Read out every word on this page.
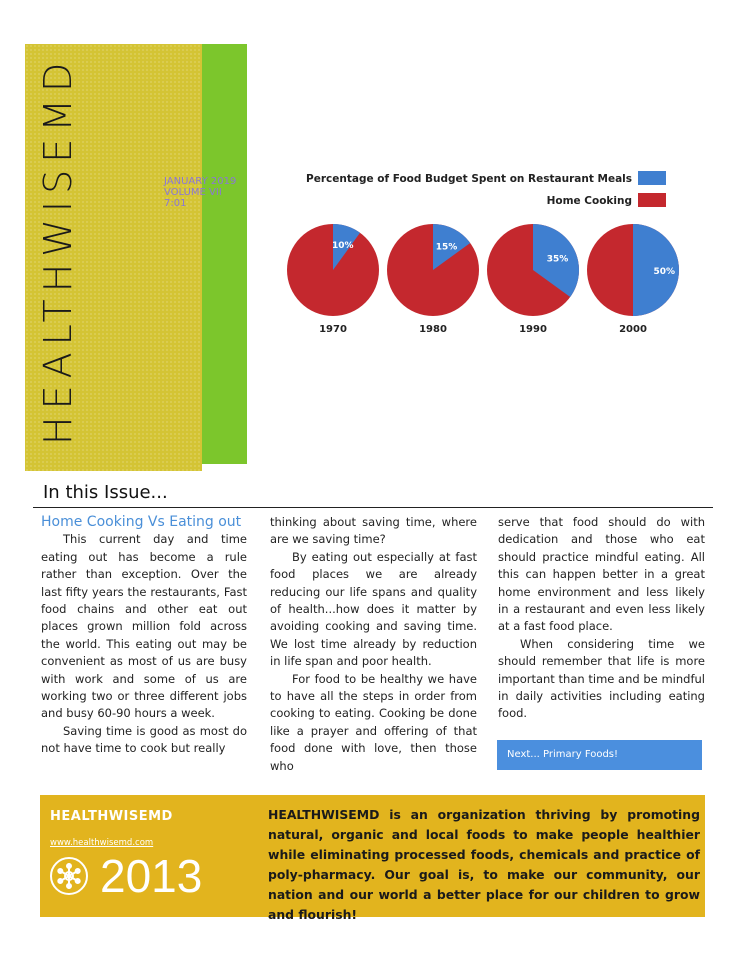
HEALTHWISEMD	JANUARY 2019
VOLUME VII
7:01
Percentage of Food Budget Spent on Restaurant Meals
Home Cooking
10%
1970
15%
1980
35%
1990
50%
2000
In this Issue...

Home Cooking Vs Eating out

This current day and time eating out has become a rule rather than exception. Over the last fifty years the restaurants, Fast food chains and other eat out places grown million fold across the world. This eating out may be convenient as most of us are busy with work and some of us are working two or three different jobs and busy 60-90 hours a week.

Saving time is good as most do not have time to cook but really

thinking about saving time, where are we saving time?

By eating out especially at fast food places we are already reducing our life spans and quality of health...how does it matter by avoiding cooking and saving time. We lost time already by reduction in life span and poor health.

For food to be healthy we have to have all the steps in order from cooking to eating. Cooking be done like a prayer and offering of that food done with love, then those who

serve that food should do with dedication and those who eat should practice mindful eating. All this can happen better in a great home environment and less likely in a restaurant and even less likely at a fast food place.

When considering time we should remember that life is more important than time and be mindful in daily activities including eating food.

Next... Primary Foods!
HEALTHWISEMD
www.healthwisemd.com
2013
HEALTHWISEMD is an organization thriving by promoting natural, organic and local foods to make people healthier while eliminating processed foods, chemicals and practice of poly-pharmacy. Our goal is, to make our community, our nation and our world a better place for our children to grow and flourish!
